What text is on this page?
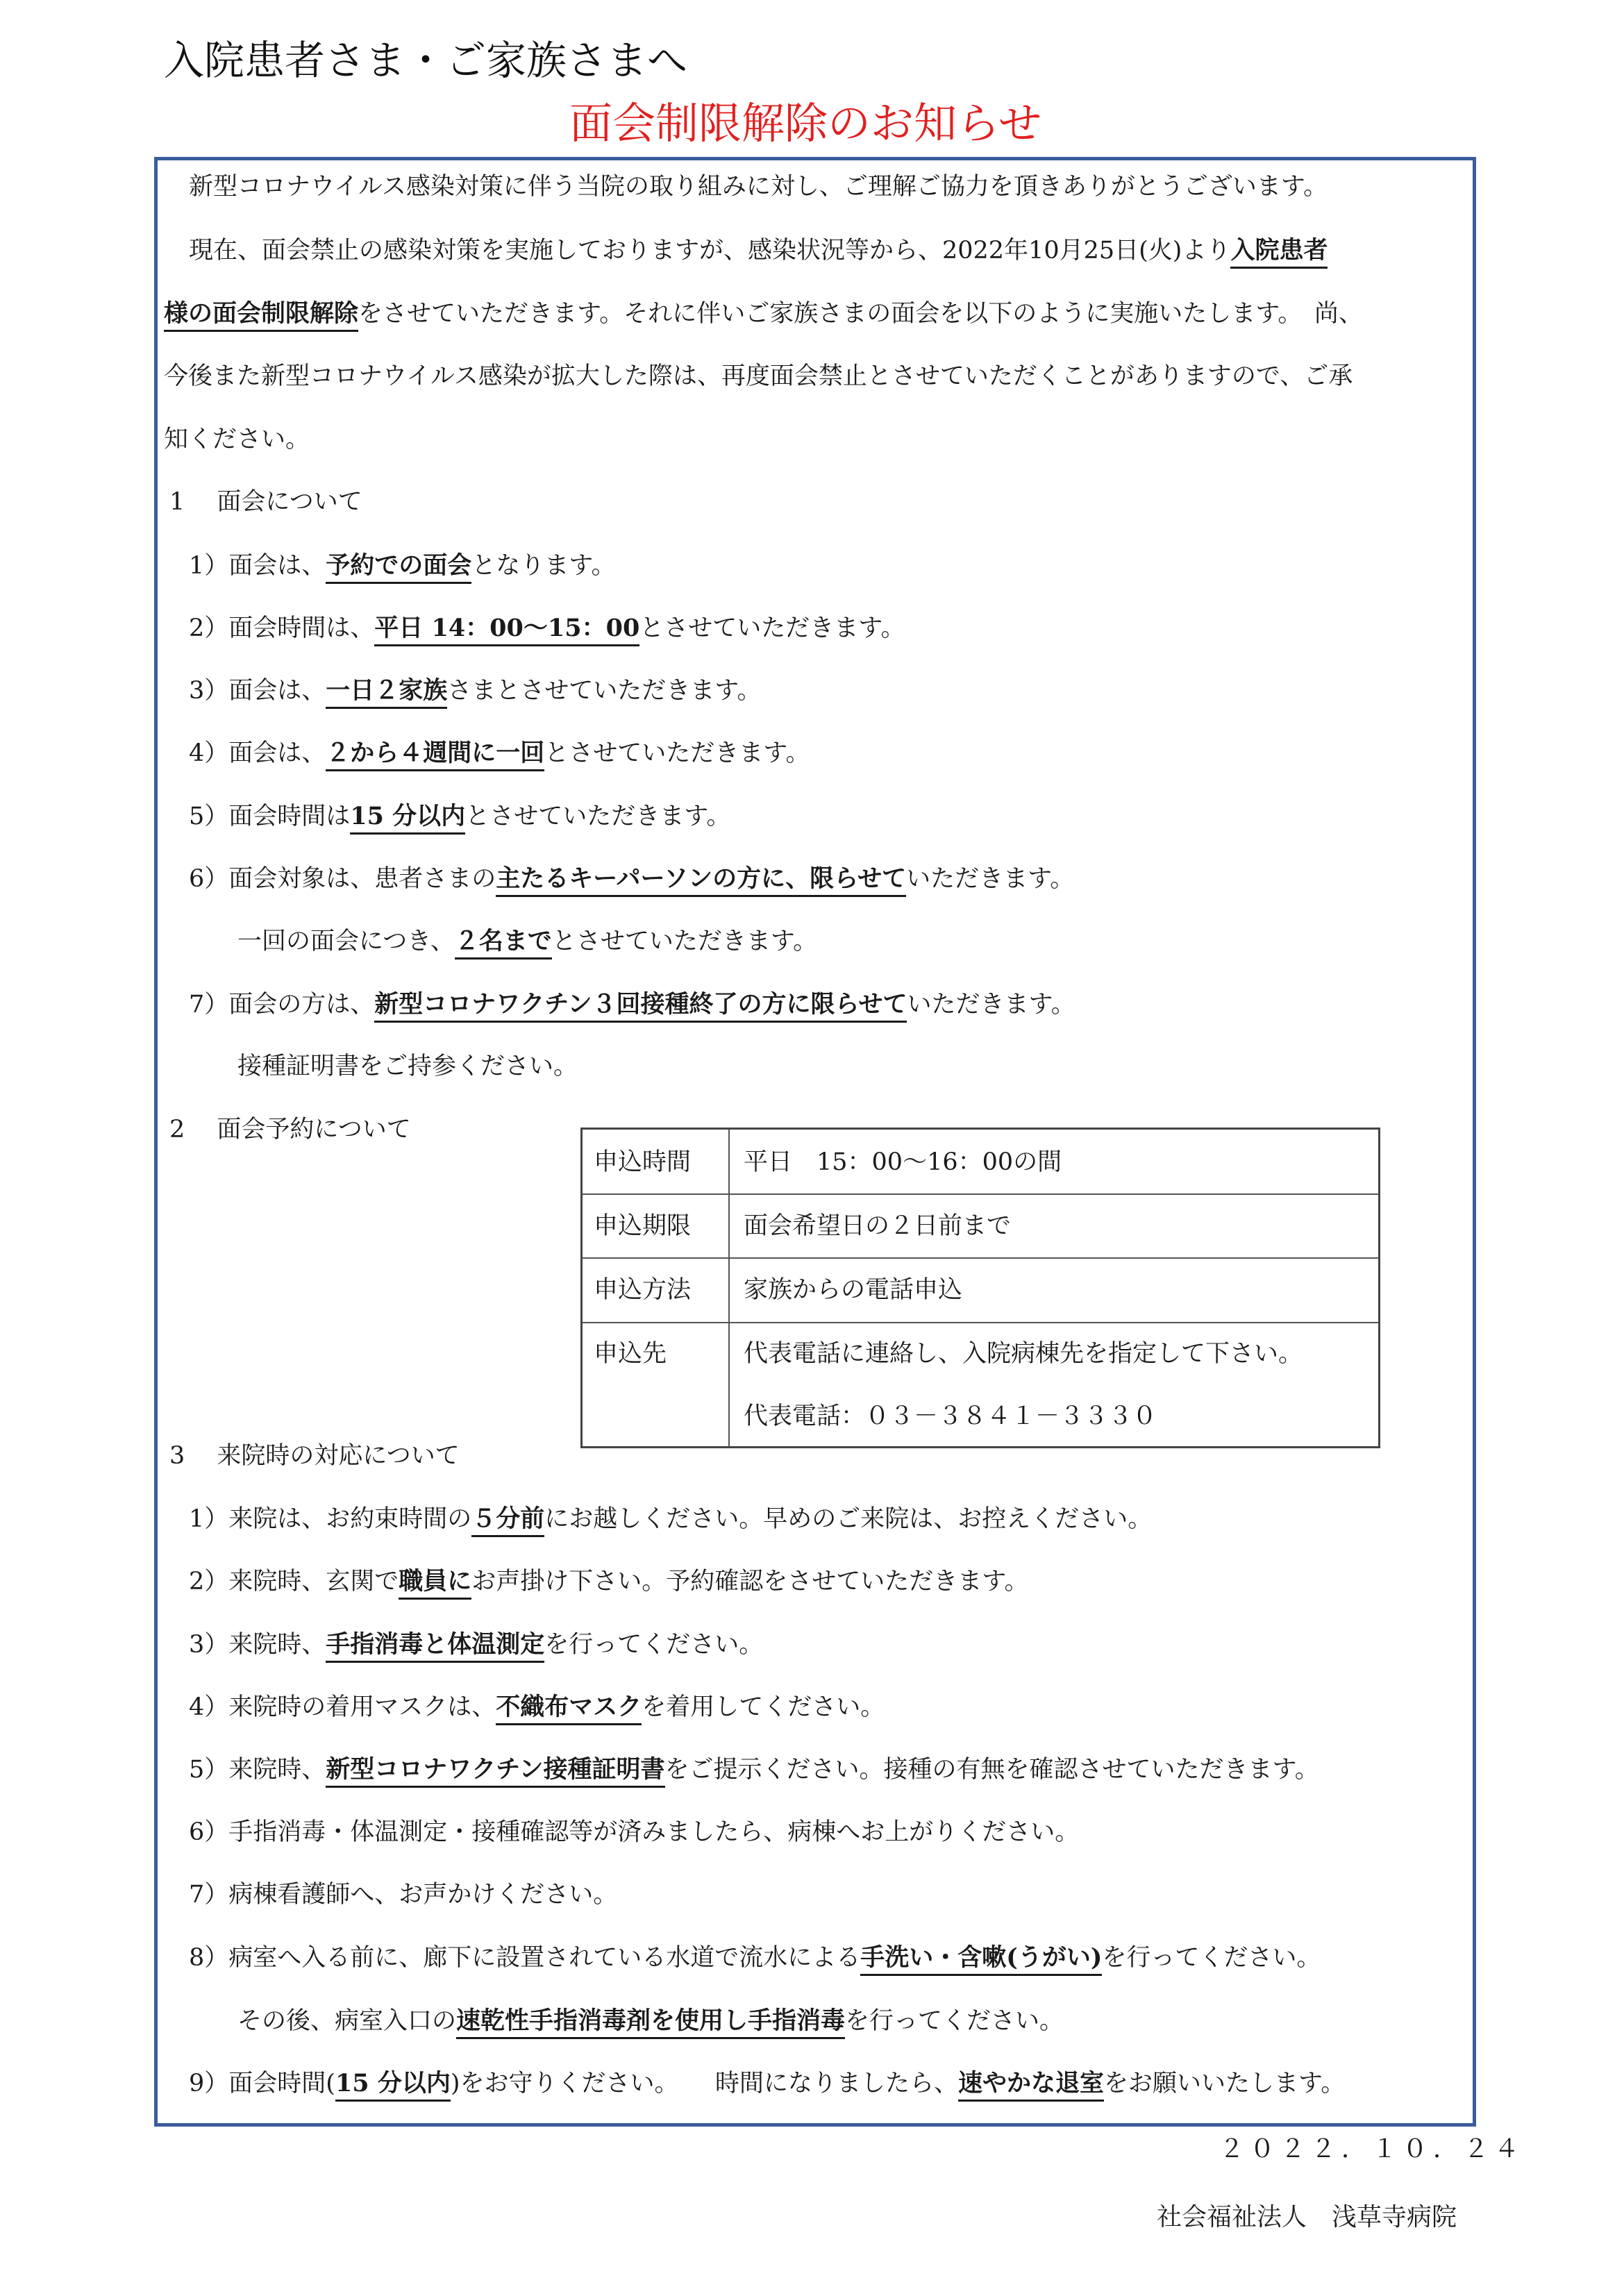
入院患者さま・ご家族さまへ
面会制限解除のお知らせ
新型コロナウイルス感染対策に伴う当院の取り組みに対し、ご理解ご協力を頂きありがとうございます。
現在、面会禁止の感染対策を実施しておりますが、感染状況等から、2022年10月25日(火)より入院患者
様の面会制限解除をさせていただきます。それに伴いご家族さまの面会を以下のように実施いたします。　尚、
今後また新型コロナウイルス感染が拡大した際は、再度面会禁止とさせていただくことがありますので、ご承
知ください。
1　 面会について
1）面会は、予約での面会となります。
2）面会時間は、平日 14：00〜15：00とさせていただきます。
3）面会は、一日２家族さまとさせていただきます。
4）面会は、２から４週間に一回とさせていただきます。
5）面会時間は15 分以内とさせていただきます。
6）面会対象は、患者さまの主たるキーパーソンの方に、限らせていただきます。
一回の面会につき、２名までとさせていただきます。
7）面会の方は、新型コロナワクチン３回接種終了の方に限らせていただきます。
接種証明書をご持参ください。
2　 面会予約について
申込時間 平日　15：00〜16：00の間
申込期限 面会希望日の２日前まで
申込方法 家族からの電話申込
申込先	代表電話に連絡し、入院病棟先を指定して下さい。
代表電話：０３－３８４１－３３３０
3　 来院時の対応について
1）来院は、お約束時間の５分前にお越しください。早めのご来院は、お控えください。
2）来院時、玄関で職員にお声掛け下さい。予約確認をさせていただきます。
3）来院時、手指消毒と体温測定を行ってください。
4）来院時の着用マスクは、不織布マスクを着用してください。
5）来院時、新型コロナワクチン接種証明書をご提示ください。接種の有無を確認させていただきます。
6）手指消毒・体温測定・接種確認等が済みましたら、病棟へお上がりください。
7）病棟看護師へ、お声かけください。
8）病室へ入る前に、廊下に設置されている水道で流水による手洗い・含嗽(うがい)を行ってください。
その後、病室入口の速乾性手指消毒剤を使用し手指消毒を行ってください。
9）面会時間(15 分以内)をお守りください。　　時間になりましたら、速やかな退室をお願いいたします。
２０２２．１０．２４
社会福祉法人　浅草寺病院
